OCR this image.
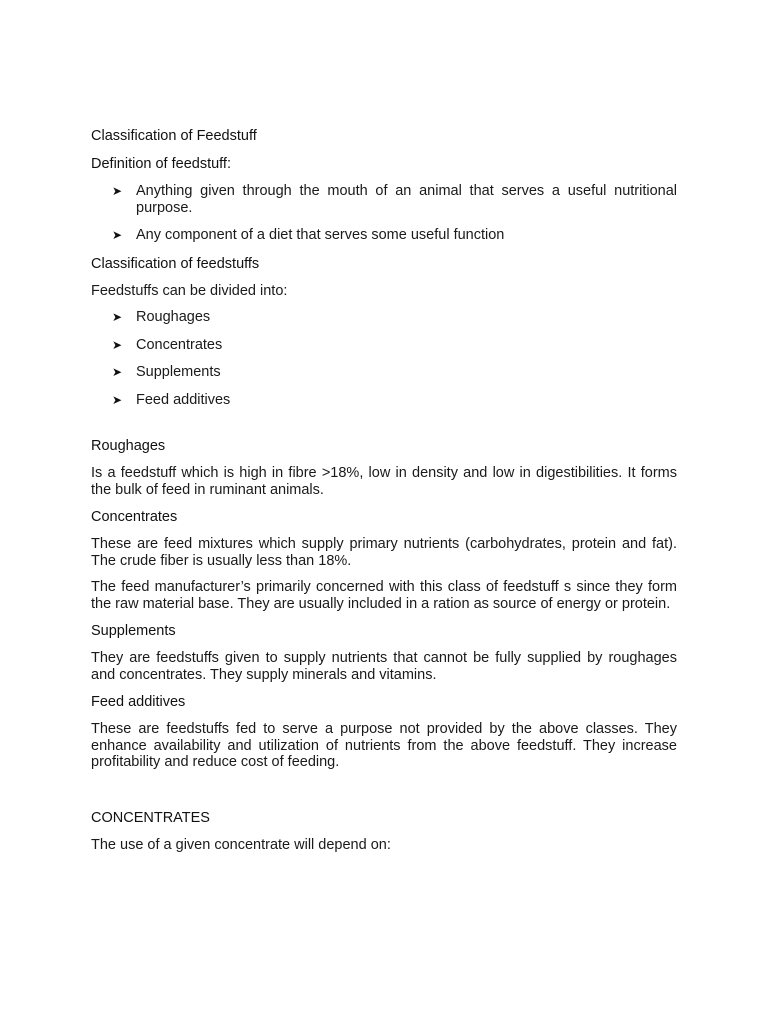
Classification of Feedstuff
Definition of feedstuff:
➤ Anything given through the mouth of an animal that serves a useful nutritional purpose.
➤ Any component of a diet that serves some useful function
Classification of feedstuffs

Feedstuffs can be divided into:

➤ Roughages
➤ Concentrates
➤ Supplements
➤ Feed additives
Roughages

Is a feedstuff which is high in fibre >18%, low in density and low in digestibilities. It forms the bulk of feed in ruminant animals.

Concentrates

These are feed mixtures which supply primary nutrients (carbohydrates, protein and fat). The crude fiber is usually less than 18%.

The feed manufacturer’s primarily concerned with this class of feedstuff s since they form the raw material base. They are usually included in a ration as source of energy or protein.

Supplements

They are feedstuffs given to supply nutrients that cannot be fully supplied by roughages and concentrates. They supply minerals and vitamins.

Feed additives

These are feedstuffs fed to serve a purpose not provided by the above classes. They enhance availability and utilization of nutrients from the above feedstuff. They increase profitability and reduce cost of feeding.

CONCENTRATES

The use of a given concentrate will depend on:
